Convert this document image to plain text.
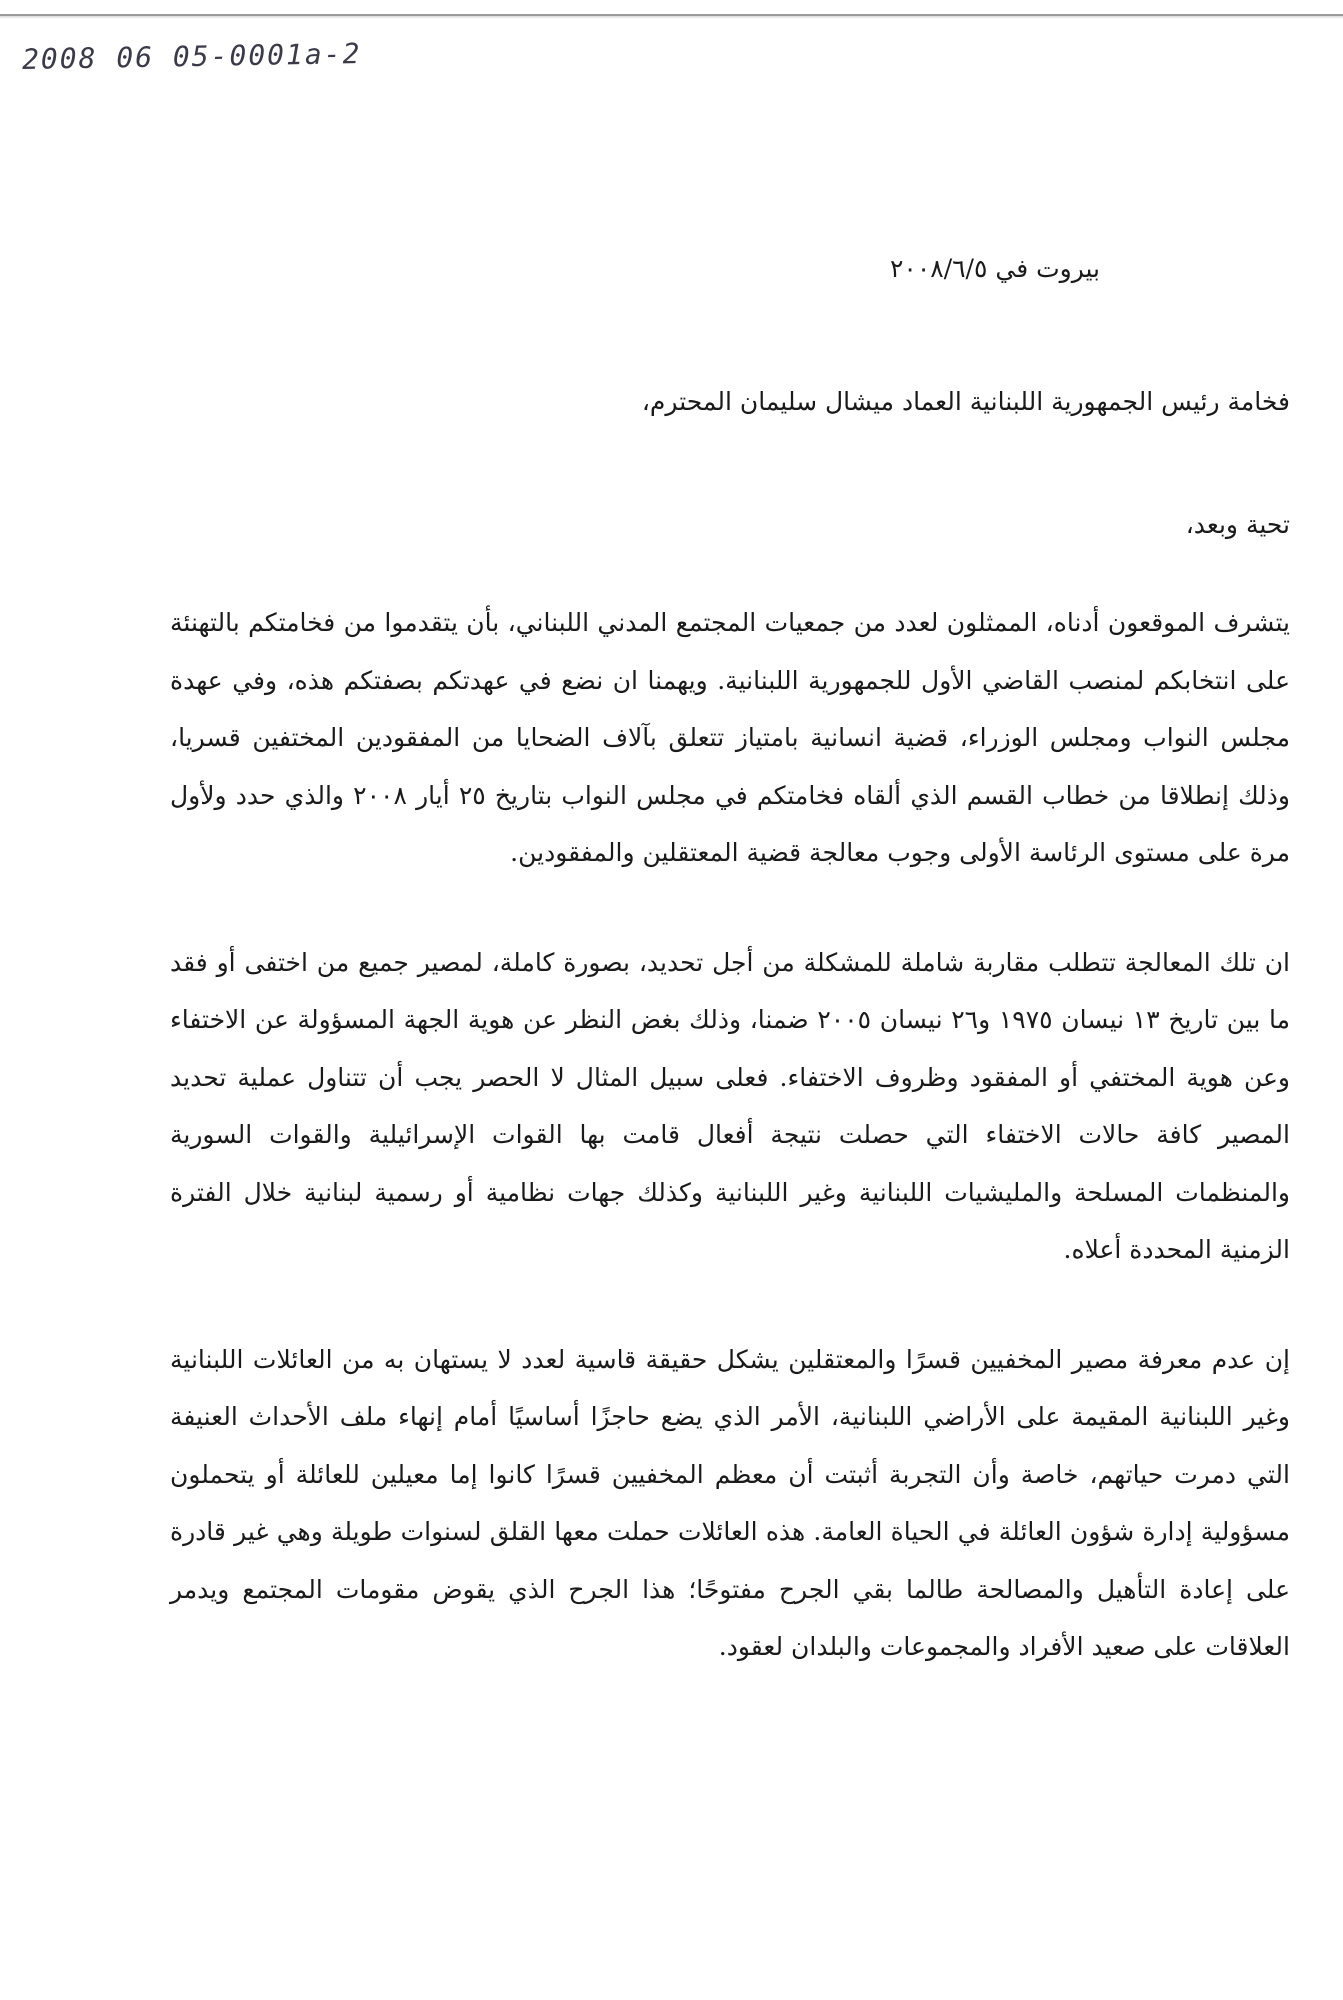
2008 06 05-0001a-2

بيروت في ٢٠٠٨/٦/٥

فخامة رئيس الجمهورية اللبنانية العماد ميشال سليمان المحترم،

تحية وبعد،

يتشرف الموقعون أدناه، الممثلون لعدد من جمعيات المجتمع المدني اللبناني، بأن يتقدموا من فخامتكم بالتهنئة على انتخابكم لمنصب القاضي الأول للجمهورية اللبنانية. ويهمنا ان نضع في عهدتكم بصفتكم هذه، وفي عهدة مجلس النواب ومجلس الوزراء، قضية انسانية بامتياز تتعلق بآلاف الضحايا من المفقودين المختفين قسريا، وذلك إنطلاقا من خطاب القسم الذي ألقاه فخامتكم في مجلس النواب بتاريخ ٢٥ أيار ٢٠٠٨ والذي حدد ولأول مرة على مستوى الرئاسة الأولى وجوب معالجة قضية المعتقلين والمفقودين.

ان تلك المعالجة تتطلب مقاربة شاملة للمشكلة من أجل تحديد، بصورة كاملة، لمصير جميع من اختفى أو فقد ما بين تاريخ ١٣ نيسان ١٩٧٥ و٢٦ نيسان ٢٠٠٥ ضمنا، وذلك بغض النظر عن هوية الجهة المسؤولة عن الاختفاء وعن هوية المختفي أو المفقود وظروف الاختفاء. فعلى سبيل المثال لا الحصر يجب أن تتناول عملية تحديد المصير كافة حالات الاختفاء التي حصلت نتيجة أفعال قامت بها القوات الإسرائيلية والقوات السورية والمنظمات المسلحة والمليشيات اللبنانية وغير اللبنانية وكذلك جهات نظامية أو رسمية لبنانية خلال الفترة الزمنية المحددة أعلاه.

إن عدم معرفة مصير المخفيين قسرًا والمعتقلين يشكل حقيقة قاسية لعدد لا يستهان به من العائلات اللبنانية وغير اللبنانية المقيمة على الأراضي اللبنانية، الأمر الذي يضع حاجزًا أساسيًا أمام إنهاء ملف الأحداث العنيفة التي دمرت حياتهم، خاصة وأن التجربة أثبتت أن معظم المخفيين قسرًا كانوا إما معيلين للعائلة أو يتحملون مسؤولية إدارة شؤون العائلة في الحياة العامة. هذه العائلات حملت معها القلق لسنوات طويلة وهي غير قادرة على إعادة التأهيل والمصالحة طالما بقي الجرح مفتوحًا؛ هذا الجرح الذي يقوض مقومات المجتمع ويدمر العلاقات على صعيد الأفراد والمجموعات والبلدان لعقود.
